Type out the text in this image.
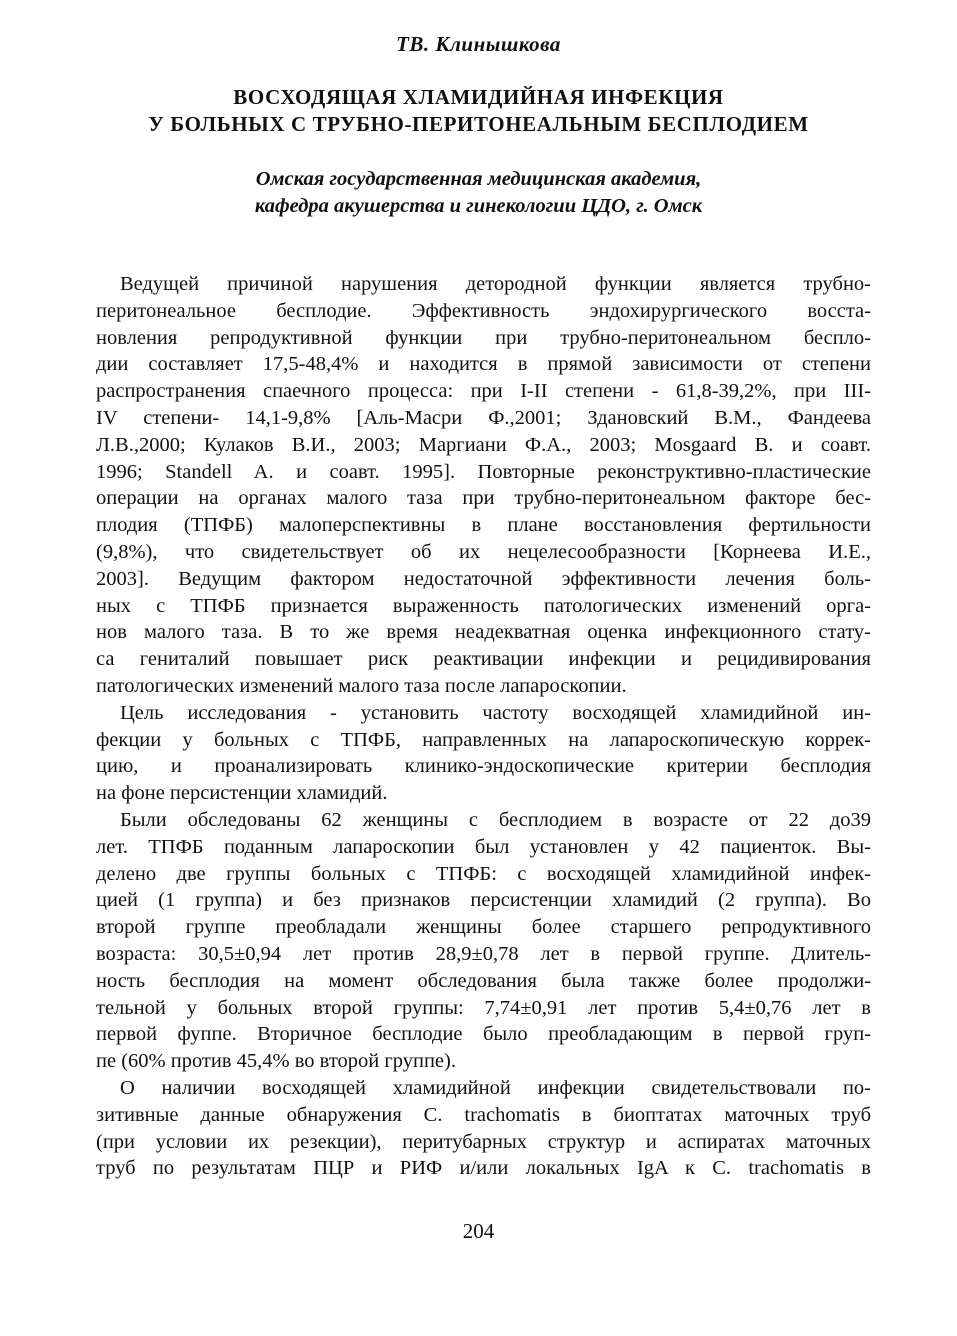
ТВ. Клинышкова
ВОСХОДЯЩАЯ ХЛАМИДИЙНАЯ ИНФЕКЦИЯ
У БОЛЬНЫХ С ТРУБНО-ПЕРИТОНЕАЛЬНЫМ БЕСПЛОДИЕМ
Омская государственная медицинская академия,
кафедра акушерства и гинекологии ЦДО, г. Омск
Ведущей причиной нарушения детородной функции является трубно-
перитонеальное бесплодие. Эффективность эндохирургического восста-
новления репродуктивной функции при трубно-перитонеальном беспло-
дии составляет 17,5-48,4% и находится в прямой зависимости от степени
распространения спаечного процесса: при І-ІІ степени - 61,8-39,2%, при ІІІ-
IV степени- 14,1-9,8% [Аль-Масри Ф.,2001; Здановский В.М., Фандеева
Л.В.,2000; Кулаков В.И., 2003; Маргиани Ф.А., 2003; Mosgaard B. и соавт.
1996; Standell A. и соавт. 1995]. Повторные реконструктивно-пластические
операции на органах малого таза при трубно-перитонеальном факторе бес-
плодия (ТПФБ) малоперспективны в плане восстановления фертильности
(9,8%), что свидетельствует об их нецелесообразности [Корнеева И.Е.,
2003]. Ведущим фактором недостаточной эффективности лечения боль-
ных с ТПФБ признается выраженность патологических изменений орга-
нов малого таза. В то же время неадекватная оценка инфекционного стату-
са гениталий повышает риск реактивации инфекции и рецидивирования
патологических изменений малого таза после лапароскопии.
Цель исследования - установить частоту восходящей хламидийной ин-
фекции у больных с ТПФБ, направленных на лапароскопическую коррек-
цию, и проанализировать клинико-эндоскопические критерии бесплодия
на фоне персистенции хламидий.
Были обследованы 62 женщины с бесплодием в возрасте от 22 до39
лет. ТПФБ поданным лапароскопии был установлен у 42 пациенток. Вы-
делено две группы больных с ТПФБ: с восходящей хламидийной инфек-
цией (1 группа) и без признаков персистенции хламидий (2 группа). Во
второй группе преобладали женщины более старшего репродуктивного
возраста: 30,5±0,94 лет против 28,9±0,78 лет в первой группе. Длитель-
ность бесплодия на момент обследования была также более продолжи-
тельной у больных второй группы: 7,74±0,91 лет против 5,4±0,76 лет в
первой фуппе. Вторичное бесплодие было преобладающим в первой груп-
пе (60% против 45,4% во второй группе).
О наличии восходящей хламидийной инфекции свидетельствовали по-
зитивные данные обнаружения С. trachomatis в биоптатах маточных труб
(при условии их резекции), перитубарных структур и аспиратах маточных
труб по результатам ПЦР и РИФ и/или локальных IgA к С. trachomatis в
204
